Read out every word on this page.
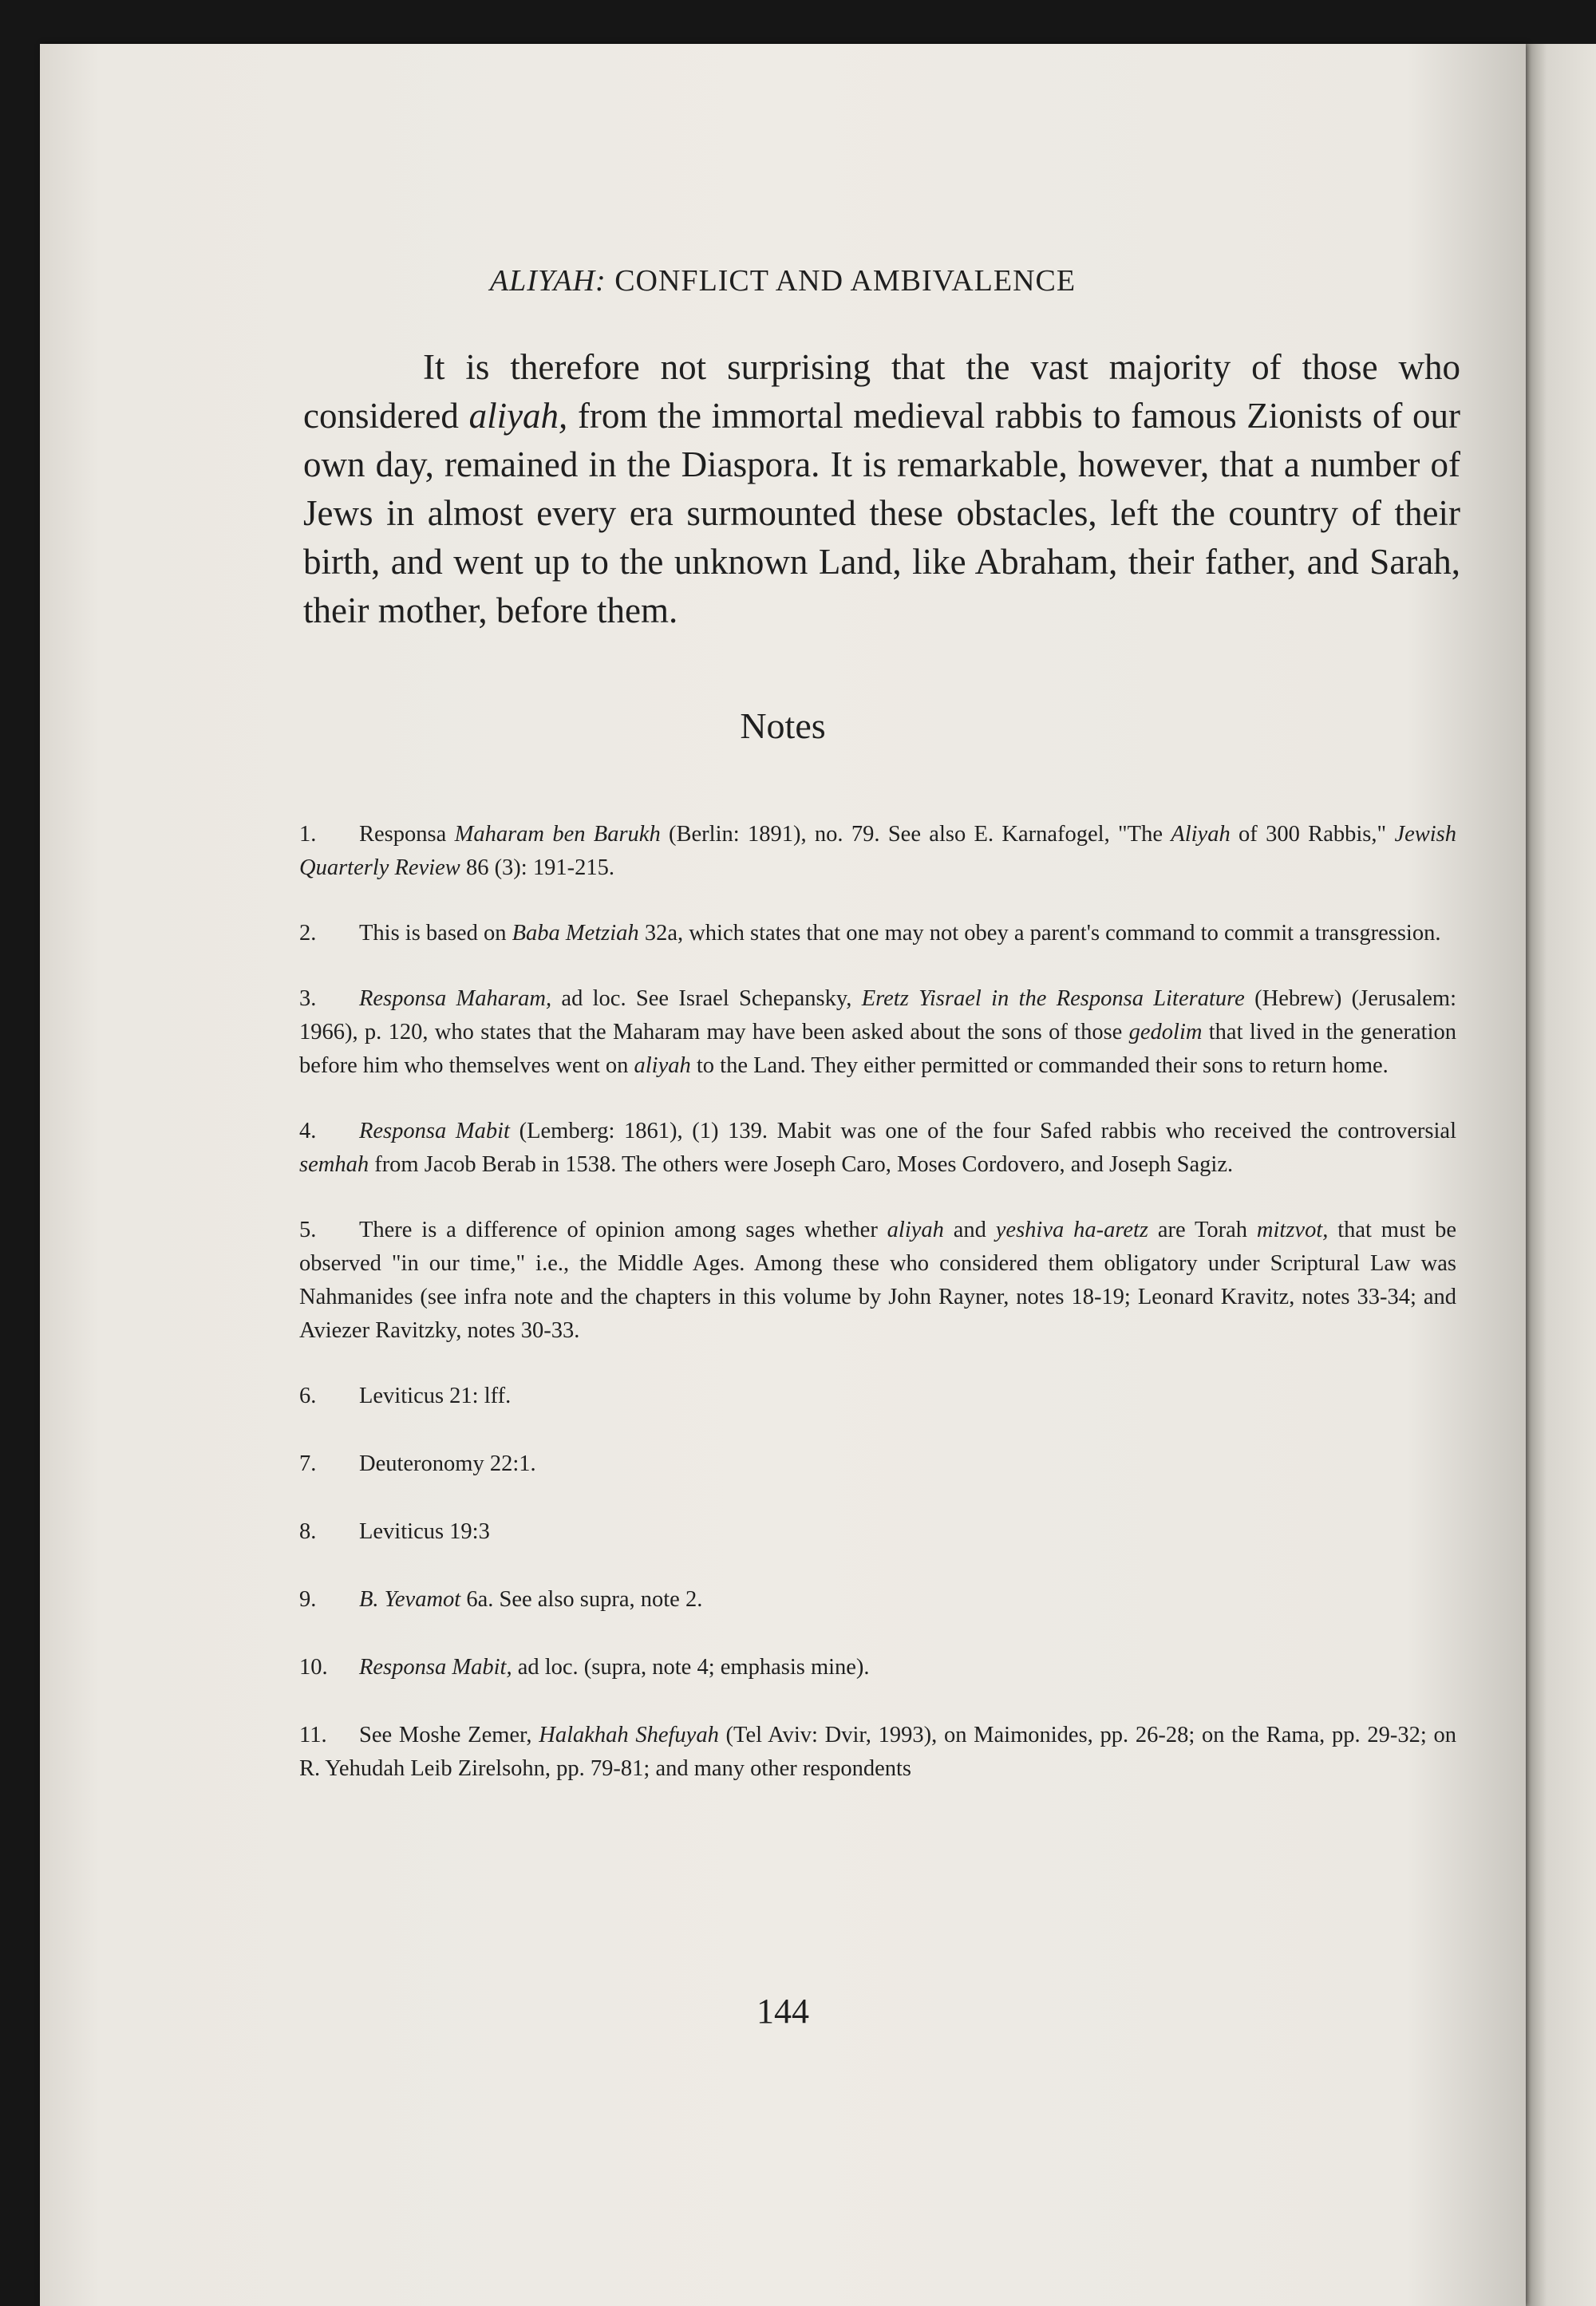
ALIYAH: CONFLICT AND AMBIVALENCE

It is therefore not surprising that the vast majority of those who considered aliyah, from the immortal medieval rabbis to famous Zionists of our own day, remained in the Diaspora. It is remarkable, however, that a number of Jews in almost every era surmounted these obstacles, left the country of their birth, and went up to the unknown Land, like Abraham, their father, and Sarah, their mother, before them.

Notes

1. Responsa Maharam ben Barukh (Berlin: 1891), no. 79. See also E. Karnafogel, "The Aliyah of 300 Rabbis," Jewish Quarterly Review 86 (3): 191-215.

2. This is based on Baba Metziah 32a, which states that one may not obey a parent's command to commit a transgression.

3. Responsa Maharam, ad loc. See Israel Schepansky, Eretz Yisrael in the Responsa Literature (Hebrew) (Jerusalem: 1966), p. 120, who states that the Maharam may have been asked about the sons of those gedolim that lived in the generation before him who themselves went on aliyah to the Land. They either permitted or commanded their sons to return home.

4. Responsa Mabit (Lemberg: 1861), (1) 139. Mabit was one of the four Safed rabbis who received the controversial semhah from Jacob Berab in 1538. The others were Joseph Caro, Moses Cordovero, and Joseph Sagiz.

5. There is a difference of opinion among sages whether aliyah and yeshiva ha-aretz are Torah mitzvot, that must be observed "in our time," i.e., the Middle Ages. Among these who considered them obligatory under Scriptural Law was Nahmanides (see infra note and the chapters in this volume by John Rayner, notes 18-19; Leonard Kravitz, notes 33-34; and Aviezer Ravitzky, notes 30-33.

6. Leviticus 21: lff.

7. Deuteronomy 22:1.

8. Leviticus 19:3

9. B. Yevamot 6a. See also supra, note 2.

10. Responsa Mabit, ad loc. (supra, note 4; emphasis mine).

11. See Moshe Zemer, Halakhah Shefuyah (Tel Aviv: Dvir, 1993), on Maimonides, pp. 26-28; on the Rama, pp. 29-32; on R. Yehudah Leib Zirelsohn, pp. 79-81; and many other respondents

144
